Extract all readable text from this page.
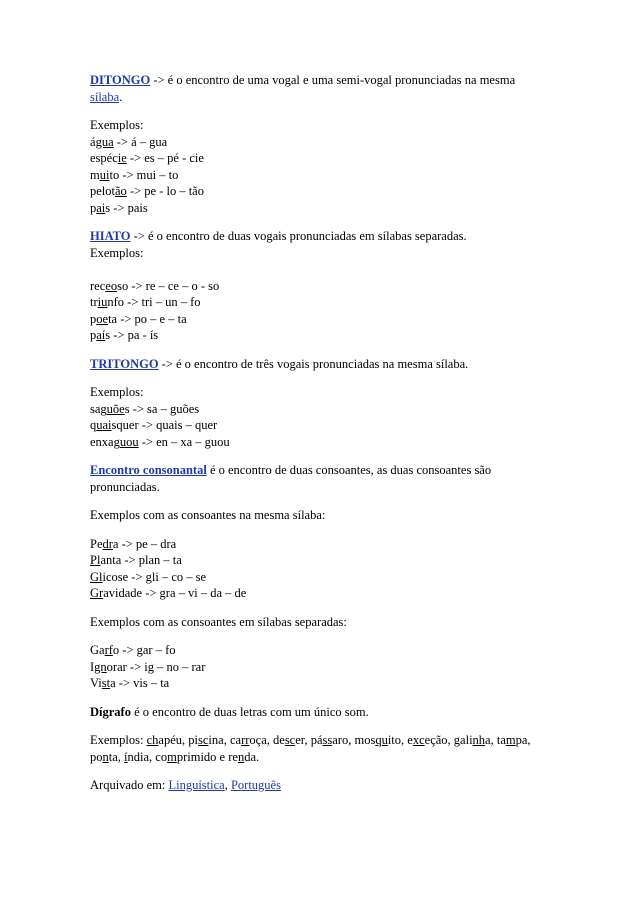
DITONGO -> é o encontro de uma vogal e uma semi-vogal pronunciadas na mesma
sílaba.
Exemplos:
água -> á – gua
espécie -> es – pé - cie
muito -> mui – to
pelotão -> pe - lo – tão
pais -> pais
HIATO -> é o encontro de duas vogais pronunciadas em sílabas separadas.
Exemplos:
receoso -> re – ce – o - so
triunfo -> tri – un – fo
poeta -> po – e – ta
país -> pa - ís
TRITONGO -> é o encontro de três vogais pronunciadas na mesma sílaba.
Exemplos:
saguões -> sa – guões
quaisquer -> quais – quer
enxaguou -> en – xa – guou
Encontro consonantal é o encontro de duas consoantes, as duas consoantes são
pronunciadas.
Exemplos com as consoantes na mesma sílaba:
Pedra -> pe – dra
Planta -> plan – ta
Glicose -> gli – co – se
Gravidade -> gra – vi – da – de
Exemplos com as consoantes em sílabas separadas:
Garfo -> gar – fo
Ignorar -> ig – no – rar
Vista -> vis – ta
Dígrafo é o encontro de duas letras com um único som.
Exemplos: chapéu, piscina, carroça, descer, pássaro, mosquito, exceção, galinha, tampa,
ponta, índia, comprimido e renda.
Arquivado em: Linguística, Português
